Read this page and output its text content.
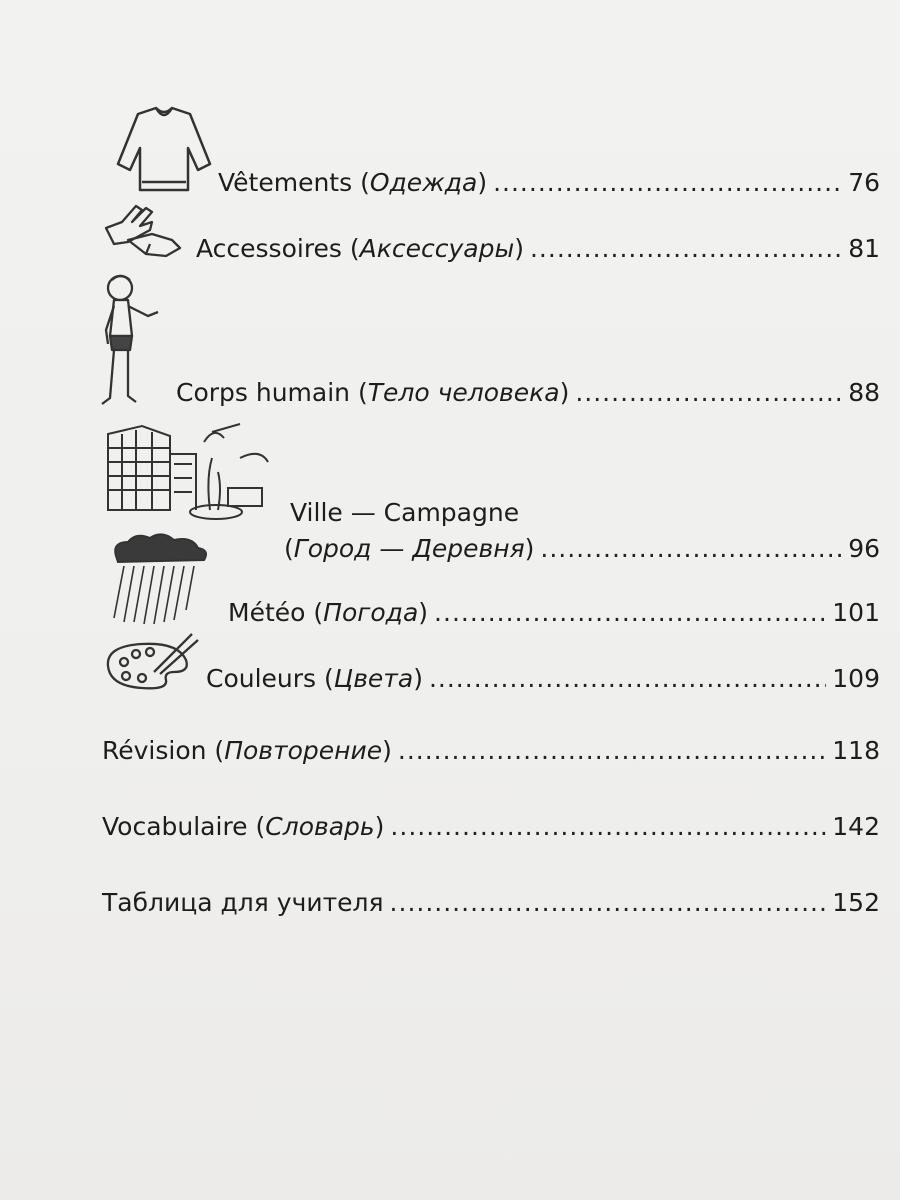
Vêtements (Одежда) .....	76
Accessoires (Аксессуары) .....	81
Corps humain (Тело человека) .....	88
Ville — Campagne
(Город — Деревня) .....	96
Météo (Погода) .....	101
Couleurs (Цвета) .....	109
Révision (Повторение) .....	118
Vocabulaire (Словарь) .....	142
Таблица для учителя .....	152
